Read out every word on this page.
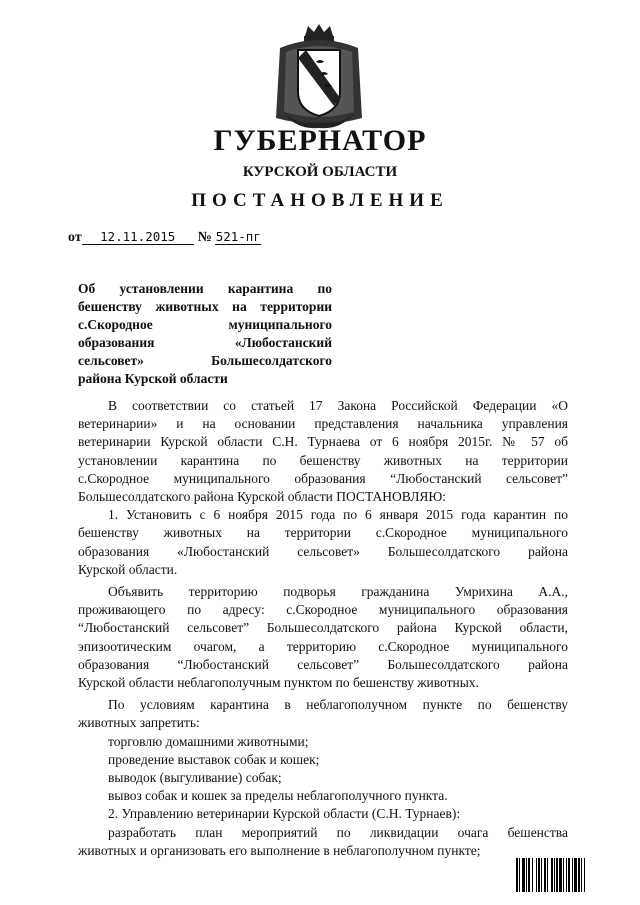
ГУБЕРНАТОР
КУРСКОЙ ОБЛАСТИ
ПОСТАНОВЛЕНИЕ
от 12.11.2015 № 521-пг
Об установлении карантина по
бешенству животных на территории
с.Скородное муниципального
образования «Любостанский
сельсовет» Большесолдатского
района Курской области
В соответствии со статьей 17 Закона Российской Федерации «О
ветеринарии» и на основании представления начальника управления
ветеринарии Курской области С.Н. Турнаева от 6 ноября 2015г. № 57 об
установлении карантина по бешенству животных на территории
с.Скородное муниципального образования “Любостанский сельсовет”
Большесолдатского района Курской области ПОСТАНОВЛЯЮ:
1. Установить с 6 ноября 2015 года по 6 января 2015 года карантин по
бешенству животных на территории с.Скородное муниципального
образования «Любостанский сельсовет» Большесолдатского района
Курской области.
Объявить территорию подворья гражданина Умрихина А.А.,
проживающего по адресу: с.Скородное муниципального образования
“Любостанский сельсовет” Большесолдатского района Курской области,
эпизоотическим очагом, а территорию с.Скородное муниципального
образования “Любостанский сельсовет” Большесолдатского района
Курской области неблагополучным пунктом по бешенству животных.
По условиям карантина в неблагополучном пункте по бешенству
животных запретить:
торговлю домашними животными;
проведение выставок собак и кошек;
выводок (выгуливание) собак;
вывоз собак и кошек за пределы неблагополучного пункта.
2. Управлению ветеринарии Курской области (С.Н. Турнаев):
разработать план мероприятий по ликвидации очага бешенства
животных и организовать его выполнение в неблагополучном пункте;
